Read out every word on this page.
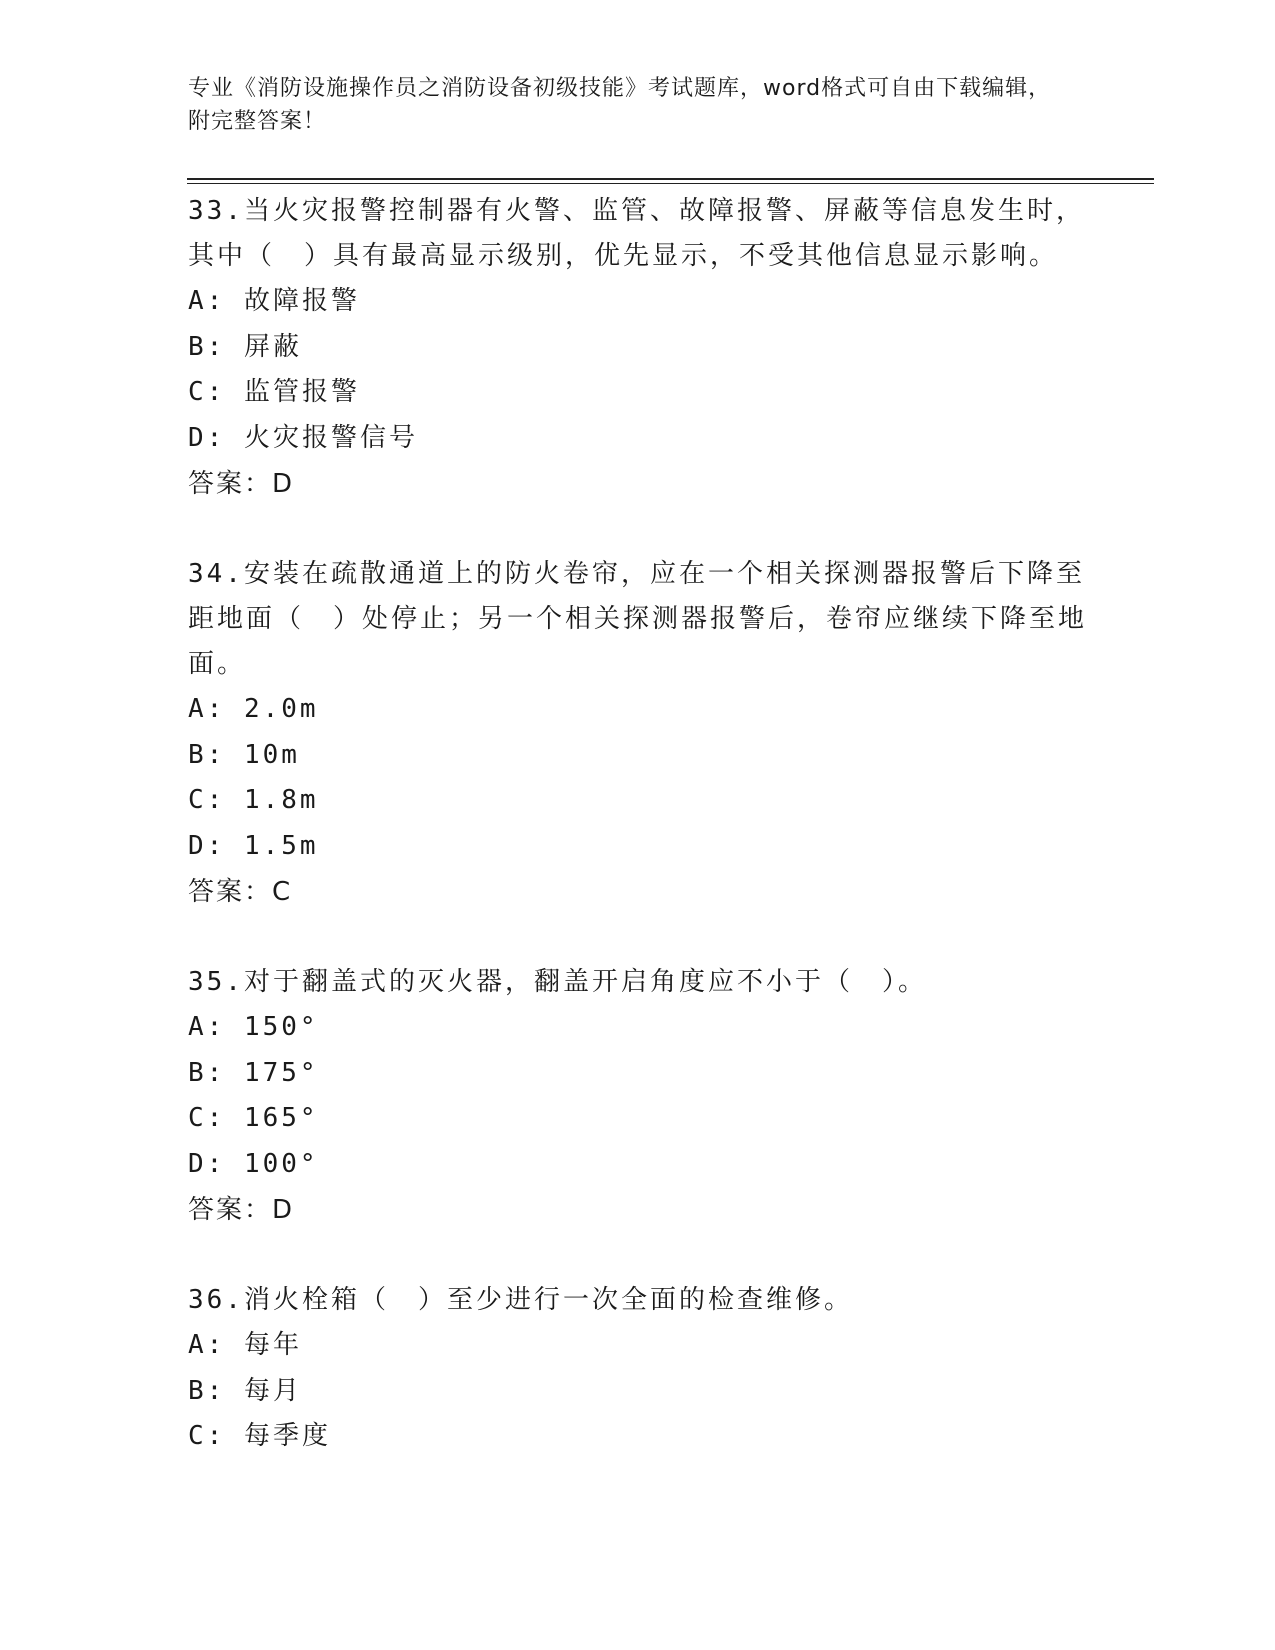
专业《消防设施操作员之消防设备初级技能》考试题库，word格式可自由下载编辑，附完整答案！
33.当火灾报警控制器有火警、监管、故障报警、屏蔽等信息发生时，其中（　）具有最高显示级别，优先显示，不受其他信息显示影响。
A: 故障报警
B: 屏蔽
C: 监管报警
D: 火灾报警信号
答案：D
34.安装在疏散通道上的防火卷帘，应在一个相关探测器报警后下降至距地面（　）处停止；另一个相关探测器报警后，卷帘应继续下降至地面。
A: 2.0m
B: 10m
C: 1.8m
D: 1.5m
答案：C
35.对于翻盖式的灭火器，翻盖开启角度应不小于（　）。
A: 150°
B: 175°
C: 165°
D: 100°
答案：D
36.消火栓箱（　）至少进行一次全面的检查维修。
A: 每年
B: 每月
C: 每季度
